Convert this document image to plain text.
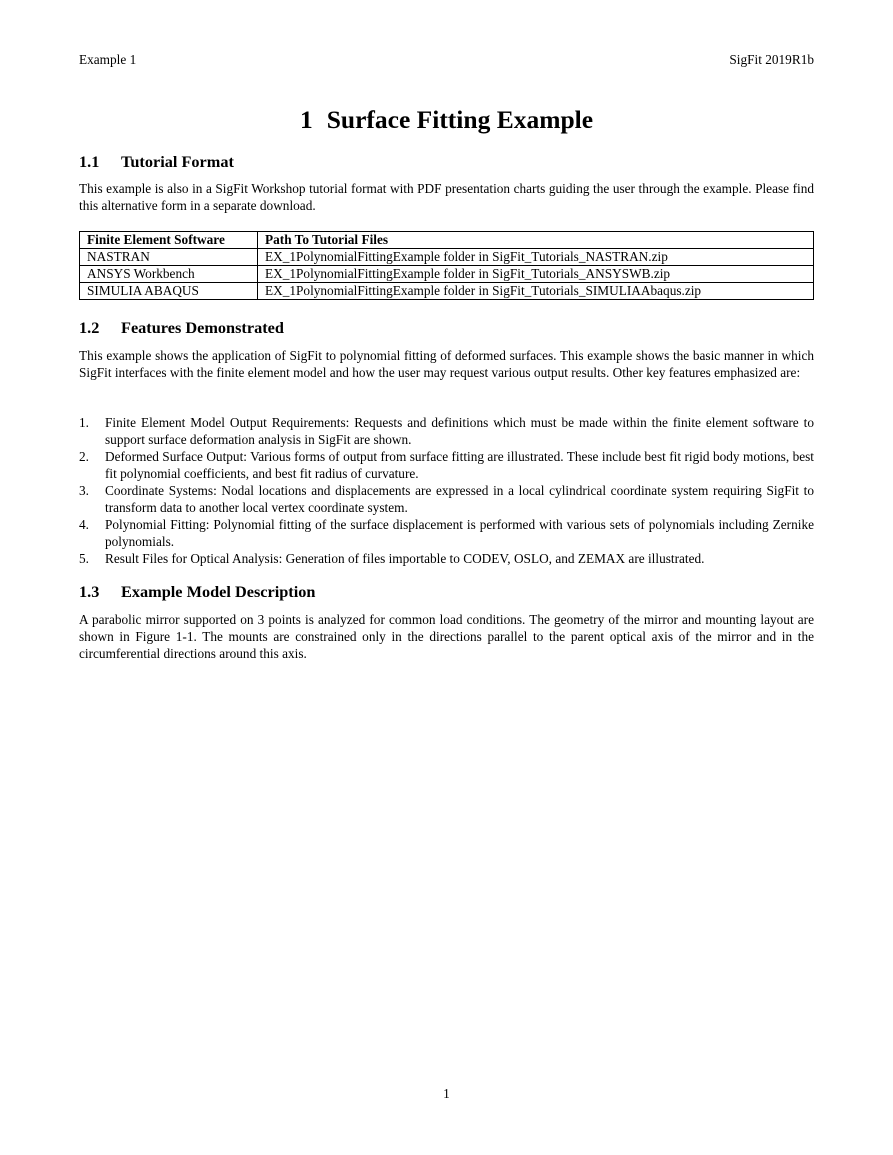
Example 1	SigFit 2019R1b
1 Surface Fitting Example
1.1 Tutorial Format

This example is also in a SigFit Workshop tutorial format with PDF presentation charts guiding the user through the example. Please find this alternative form in a separate download.

Finite Element Software	Path To Tutorial Files
NASTRAN	EX_1PolynomialFittingExample folder in SigFit_Tutorials_NASTRAN.zip
ANSYS Workbench	EX_1PolynomialFittingExample folder in SigFit_Tutorials_ANSYSWB.zip
SIMULIA ABAQUS	EX_1PolynomialFittingExample folder in SigFit_Tutorials_SIMULIAAbaqus.zip
1.2 Features Demonstrated

This example shows the application of SigFit to polynomial fitting of deformed surfaces. This example shows the basic manner in which SigFit interfaces with the finite element model and how the user may request various output results. Other key features emphasized are:

1. Finite Element Model Output Requirements: Requests and definitions which must be made within the finite element software to support surface deformation analysis in SigFit are shown.
2. Deformed Surface Output: Various forms of output from surface fitting are illustrated. These include best fit rigid body motions, best fit polynomial coefficients, and best fit radius of curvature.
3. Coordinate Systems: Nodal locations and displacements are expressed in a local cylindrical coordinate system requiring SigFit to transform data to another local vertex coordinate system.
4. Polynomial Fitting: Polynomial fitting of the surface displacement is performed with various sets of polynomials including Zernike polynomials.
5. Result Files for Optical Analysis: Generation of files importable to CODEV, OSLO, and ZEMAX are illustrated.
1.3 Example Model Description

A parabolic mirror supported on 3 points is analyzed for common load conditions. The geometry of the mirror and mounting layout are shown in Figure 1-1. The mounts are constrained only in the directions parallel to the parent optical axis of the mirror and in the circumferential directions around this axis.

1
